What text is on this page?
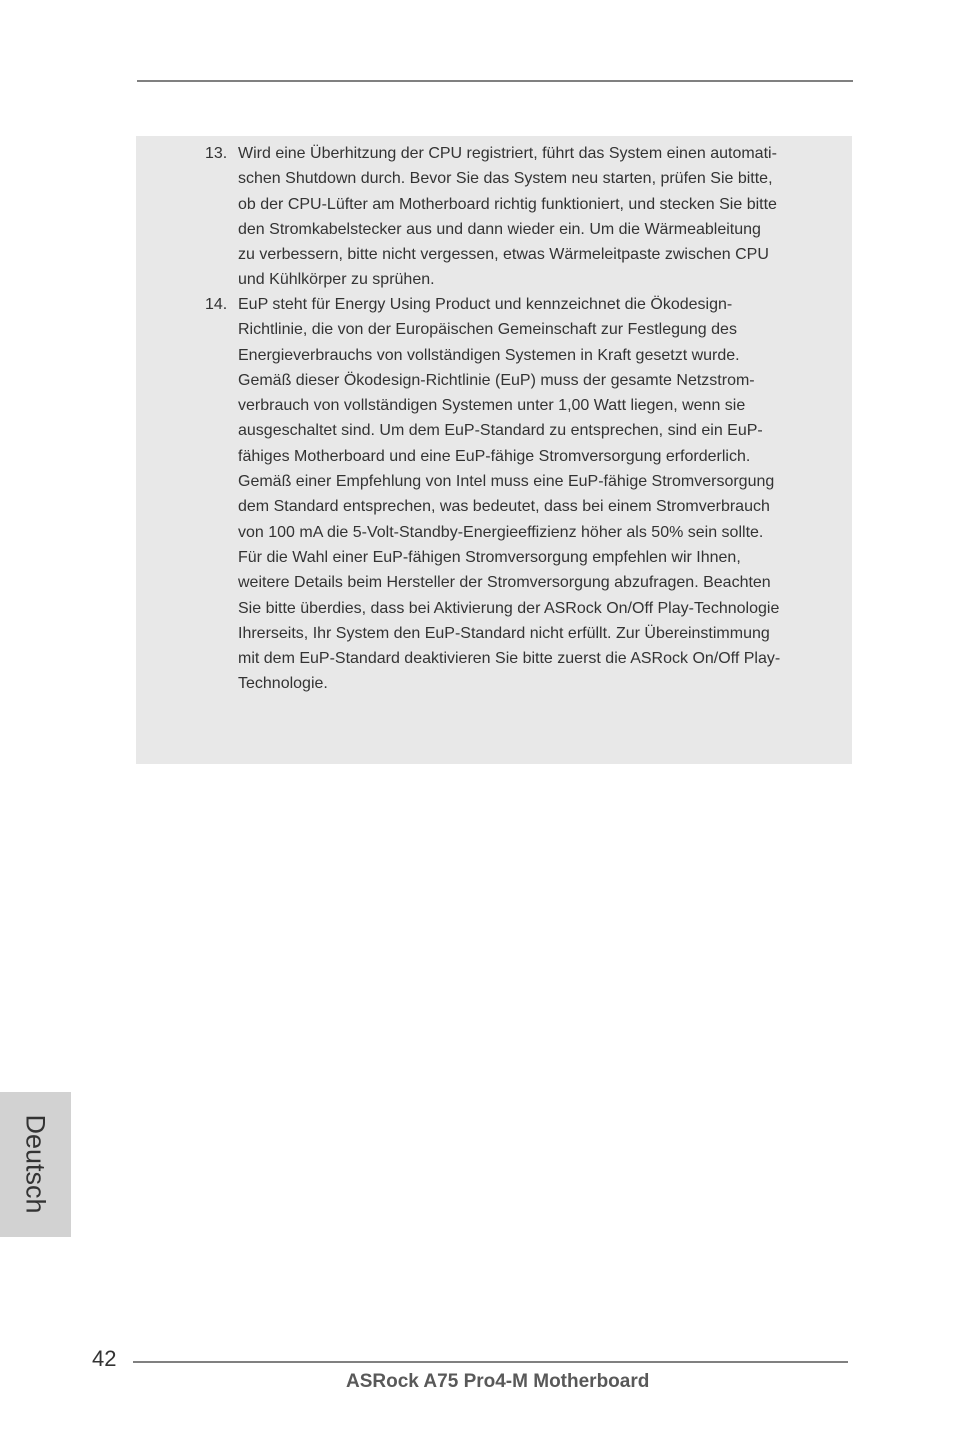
13. Wird eine Überhitzung der CPU registriert, führt das System einen automati-
schen Shutdown durch. Bevor Sie das System neu starten, prüfen Sie bitte,
ob der CPU-Lüfter am Motherboard richtig funktioniert, und stecken Sie bitte
den Stromkabelstecker aus und dann wieder ein. Um die Wärmeableitung
zu verbessern, bitte nicht vergessen, etwas Wärmeleitpaste zwischen CPU
und Kühlkörper zu sprühen.
14. EuP steht für Energy Using Product und kennzeichnet die Ökodesign-
Richtlinie, die von der Europäischen Gemeinschaft zur Festlegung des
Energieverbrauchs von vollständigen Systemen in Kraft gesetzt wurde.
Gemäß dieser Ökodesign-Richtlinie (EuP) muss der gesamte Netzstrom-
verbrauch von vollständigen Systemen unter 1,00 Watt liegen, wenn sie
ausgeschaltet sind. Um dem EuP-Standard zu entsprechen, sind ein EuP-
fähiges Motherboard und eine EuP-fähige Stromversorgung erforderlich.
Gemäß einer Empfehlung von Intel muss eine EuP-fähige Stromversorgung
dem Standard entsprechen, was bedeutet, dass bei einem Stromverbrauch
von 100 mA die 5-Volt-Standby-Energieeffizienz höher als 50% sein sollte.
Für die Wahl einer EuP-fähigen Stromversorgung empfehlen wir Ihnen,
weitere Details beim Hersteller der Stromversorgung abzufragen. Beachten
Sie bitte überdies, dass bei Aktivierung der ASRock On/Off Play-Technologie
Ihrerseits, Ihr System den EuP-Standard nicht erfüllt. Zur Übereinstimmung
mit dem EuP-Standard deaktivieren Sie bitte zuerst die ASRock On/Off Play-
Technologie.
Deutsch
42
ASRock A75 Pro4-M Motherboard
